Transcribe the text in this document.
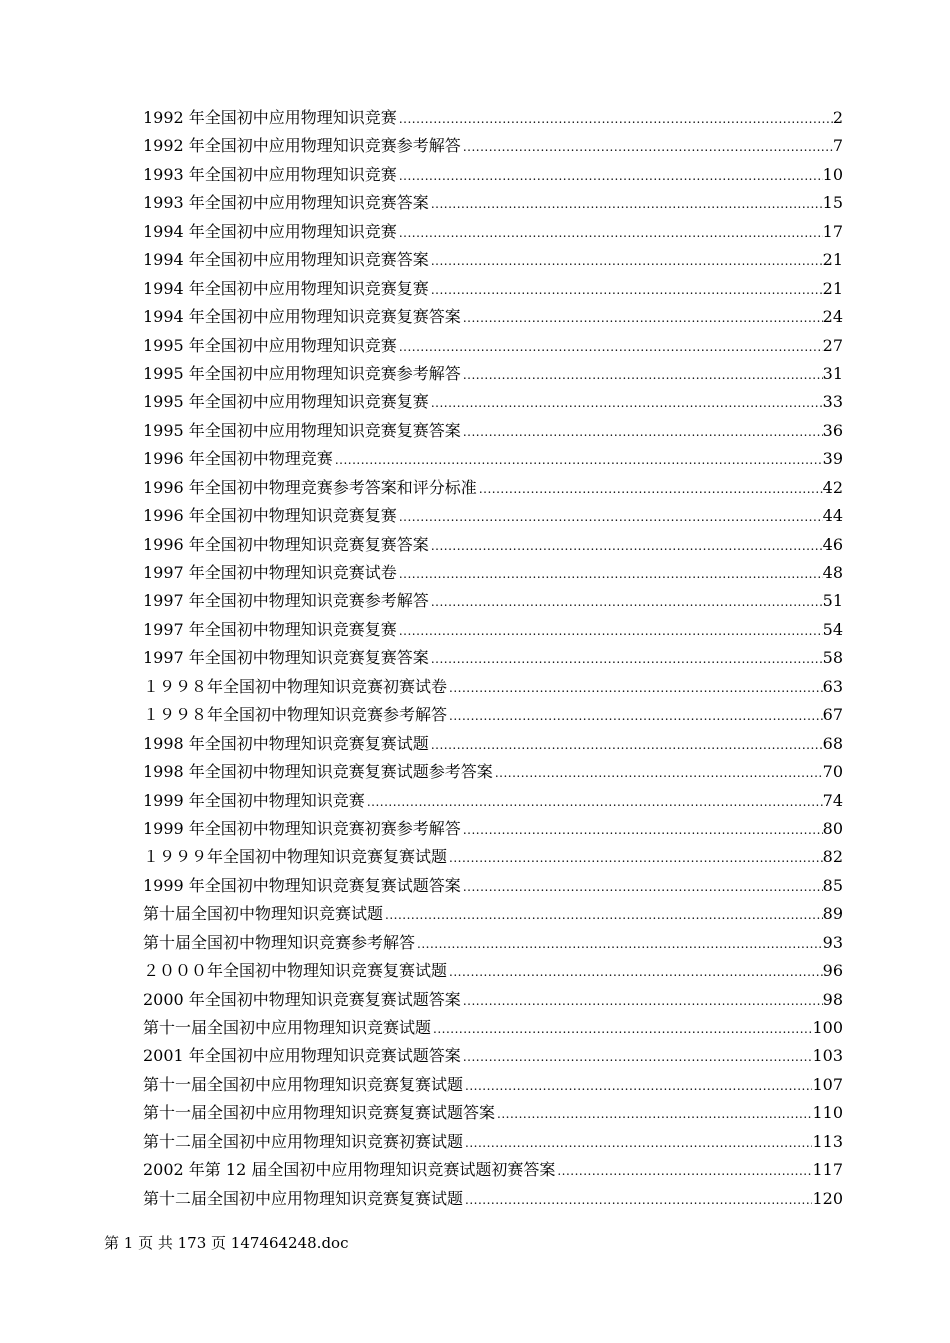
1992 年全国初中应用物理知识竞赛 .....	2
1992 年全国初中应用物理知识竞赛参考解答 .....	7
1993 年全国初中应用物理知识竞赛 .....	10
1993 年全国初中应用物理知识竞赛答案 .....	15
1994 年全国初中应用物理知识竞赛 .....	17
1994 年全国初中应用物理知识竞赛答案 .....	21
1994 年全国初中应用物理知识竞赛复赛 .....	21
1994 年全国初中应用物理知识竞赛复赛答案 .....	24
1995 年全国初中应用物理知识竞赛 .....	27
1995 年全国初中应用物理知识竞赛参考解答 .....	31
1995 年全国初中应用物理知识竞赛复赛 .....	33
1995 年全国初中应用物理知识竞赛复赛答案 .....	36
1996 年全国初中物理竞赛 .....	39
1996 年全国初中物理竞赛参考答案和评分标准 .....	42
1996 年全国初中物理知识竞赛复赛 .....	44
1996 年全国初中物理知识竞赛复赛答案 .....	46
1997 年全国初中物理知识竞赛试卷 .....	48
1997 年全国初中物理知识竞赛参考解答 .....	51
1997 年全国初中物理知识竞赛复赛 .....	54
1997 年全国初中物理知识竞赛复赛答案 .....	58
１９９８年全国初中物理知识竞赛初赛试卷 .....	63
１９９８年全国初中物理知识竞赛参考解答 .....	67
1998 年全国初中物理知识竞赛复赛试题 .....	68
1998 年全国初中物理知识竞赛复赛试题参考答案 .....	70
1999 年全国初中物理知识竞赛 .....	74
1999 年全国初中物理知识竞赛初赛参考解答 .....	80
１９９９年全国初中物理知识竞赛复赛试题 .....	82
1999 年全国初中物理知识竞赛复赛试题答案 .....	85
第十届全国初中物理知识竞赛试题 .....	89
第十届全国初中物理知识竞赛参考解答 .....	93
２０００年全国初中物理知识竞赛复赛试题 .....	96
2000 年全国初中物理知识竞赛复赛试题答案 .....	98
第十一届全国初中应用物理知识竞赛试题 .....	100
2001 年全国初中应用物理知识竞赛试题答案 .....	103
第十一届全国初中应用物理知识竞赛复赛试题 .....	107
第十一届全国初中应用物理知识竞赛复赛试题答案 .....	110
第十二届全国初中应用物理知识竞赛初赛试题 .....	113
2002 年第 12 届全国初中应用物理知识竞赛试题初赛答案 .....	117
第十二届全国初中应用物理知识竞赛复赛试题 .....	120
第 1 页 共 173 页 147464248.doc
